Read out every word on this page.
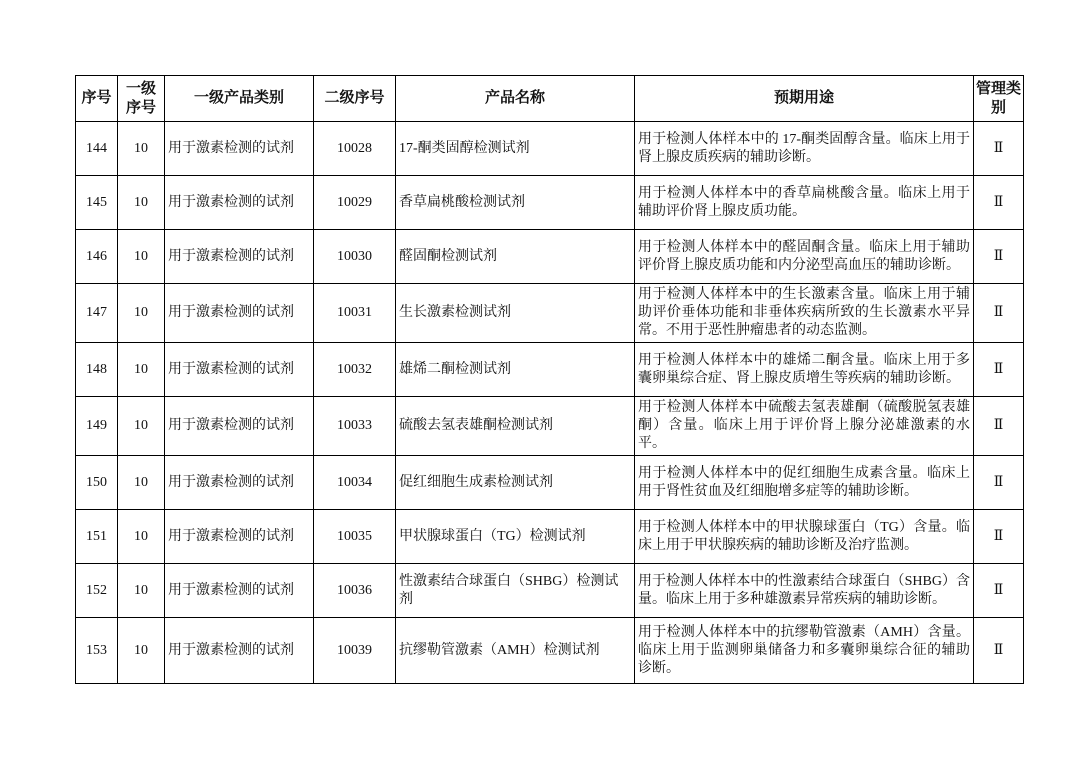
序号	一级序号	一级产品类别	二级序号	产品名称	预期用途	管理类别
144	10	用于激素检测的试剂	10028	17-酮类固醇检测试剂	用于检测人体样本中的 17-酮类固醇含量。临床上用于肾上腺皮质疾病的辅助诊断。	Ⅱ
145	10	用于激素检测的试剂	10029	香草扁桃酸检测试剂	用于检测人体样本中的香草扁桃酸含量。临床上用于辅助评价肾上腺皮质功能。	Ⅱ
146	10	用于激素检测的试剂	10030	醛固酮检测试剂	用于检测人体样本中的醛固酮含量。临床上用于辅助评价肾上腺皮质功能和内分泌型高血压的辅助诊断。	Ⅱ
147	10	用于激素检测的试剂	10031	生长激素检测试剂	用于检测人体样本中的生长激素含量。临床上用于辅助评价垂体功能和非垂体疾病所致的生长激素水平异常。不用于恶性肿瘤患者的动态监测。	Ⅱ
148	10	用于激素检测的试剂	10032	雄烯二酮检测试剂	用于检测人体样本中的雄烯二酮含量。临床上用于多囊卵巢综合症、肾上腺皮质增生等疾病的辅助诊断。	Ⅱ
149	10	用于激素检测的试剂	10033	硫酸去氢表雄酮检测试剂	用于检测人体样本中硫酸去氢表雄酮（硫酸脱氢表雄酮）含量。临床上用于评价肾上腺分泌雄激素的水平。	Ⅱ
150	10	用于激素检测的试剂	10034	促红细胞生成素检测试剂	用于检测人体样本中的促红细胞生成素含量。临床上用于肾性贫血及红细胞增多症等的辅助诊断。	Ⅱ
151	10	用于激素检测的试剂	10035	甲状腺球蛋白（TG）检测试剂	用于检测人体样本中的甲状腺球蛋白（TG）含量。临床上用于甲状腺疾病的辅助诊断及治疗监测。	Ⅱ
152	10	用于激素检测的试剂	10036	性激素结合球蛋白（SHBG）检测试剂	用于检测人体样本中的性激素结合球蛋白（SHBG）含量。临床上用于多种雄激素异常疾病的辅助诊断。	Ⅱ
153	10	用于激素检测的试剂	10039	抗缪勒管激素（AMH）检测试剂	用于检测人体样本中的抗缪勒管激素（AMH）含量。临床上用于监测卵巢储备力和多囊卵巢综合征的辅助诊断。	Ⅱ
